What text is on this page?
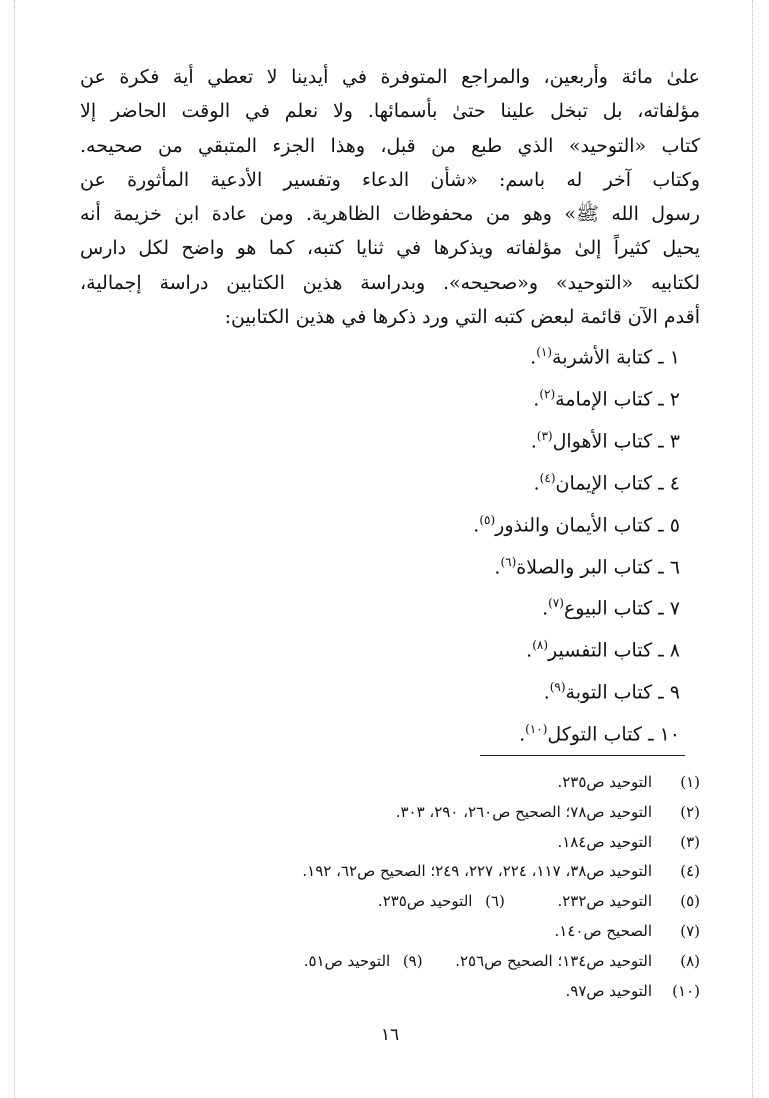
علىٰ مائة وأربعين، والمراجع المتوفرة في أيدينا لا تعطي أية فكرة عن

مؤلفاته، بل تبخل علينا حتىٰ بأسمائها. ولا نعلم في الوقت الحاضر إلا

كتاب «التوحيد» الذي طبع من قبل، وهذا الجزء المتبقي من صحيحه.

وكتاب آخر له باسم: «شأن الدعاء وتفسير الأدعية المأثورة عن

رسول الله ﷺ» وهو من محفوظات الظاهرية. ومن عادة ابن خزيمة أنه

يحيل كثيراً إلىٰ مؤلفاته ويذكرها في ثنايا كتبه، كما هو واضح لكل دارس

لكتابيه «التوحيد» و«صحيحه». وبدراسة هذين الكتابين دراسة إجمالية،

أقدم الآن قائمة لبعض كتبه التي ورد ذكرها في هذين الكتابين:

١ ـ كتابة الأشربة$^{(١)}$.
٢ ـ كتاب الإمامة$^{(٢)}$.
٣ ـ كتاب الأهوال$^{(٣)}$.
٤ ـ كتاب الإيمان$^{(٤)}$.
٥ ـ كتاب الأيمان والنذور$^{(٥)}$.
٦ ـ كتاب البر والصلاة$^{(٦)}$.
٧ ـ كتاب البيوع$^{(٧)}$.
٨ ـ كتاب التفسير$^{(٨)}$.
٩ ـ كتاب التوبة$^{(٩)}$.
١٠ ـ كتاب التوكل$^{(١٠)}$.
(١)
التوحيد ص٢٣٥.
(٢)
التوحيد ص٧٨؛ الصحيح ص٢٦٠، ٢٩٠، ٣٠٣.
(٣)
التوحيد ص١٨٤.
(٤)
التوحيد ص٣٨، ١١٧، ٢٢٤، ٢٢٧، ٢٤٩؛ الصحيح ص٦٢، ١٩٢.
(٥)
التوحيد ص٢٣٢.
(٦)
التوحيد ص٢٣٥.
(٧)
الصحيح ص١٤٠.
(٨)
التوحيد ص١٣٤؛ الصحيح ص٢٥٦.
(٩)
التوحيد ص٥١.
(١٠)
التوحيد ص٩٧.
١٦
